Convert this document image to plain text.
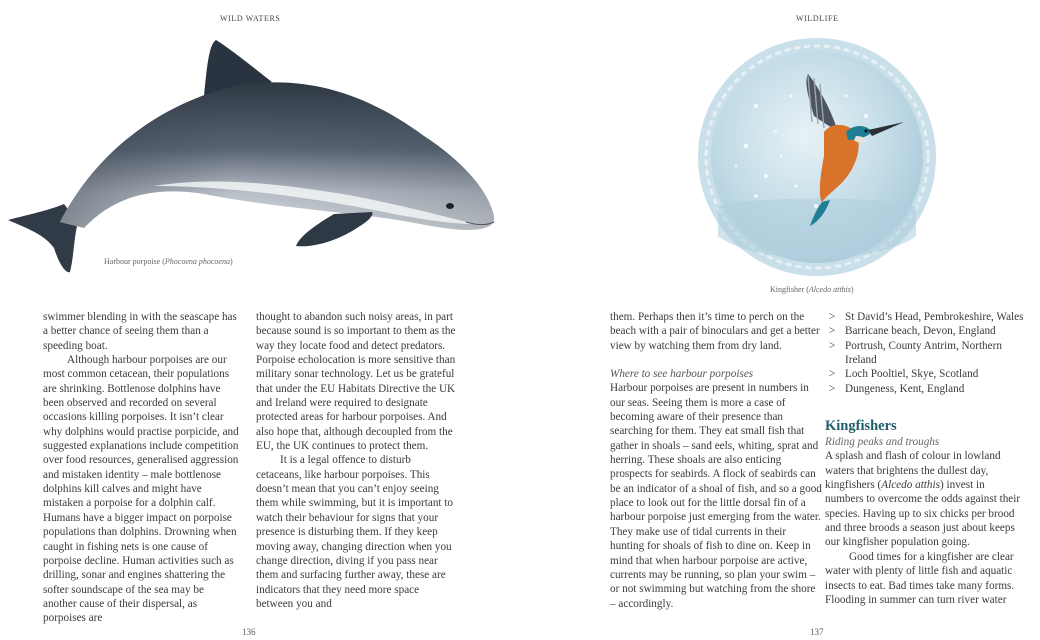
WILD WATERS
Harbour porpoise (Phocoena phocoena)

swimmer blending in with the seascape has a better chance of seeing them than a speeding boat.

Although harbour porpoises are our most common cetacean, their populations are shrinking. Bottlenose dolphins have been observed and recorded on several occasions killing porpoises. It isn’t clear why dolphins would practise porpicide, and suggested explanations include competition over food resources, generalised aggression and mistaken identity – male bottlenose dolphins kill calves and might have mistaken a porpoise for a dolphin calf. Humans have a bigger impact on porpoise populations than dolphins. Drowning when caught in fishing nets is one cause of porpoise decline. Human activities such as drilling, sonar and engines shattering the softer soundscape of the sea may be another cause of their dispersal, as porpoises are

thought to abandon such noisy areas, in part because sound is so important to them as the way they locate food and detect predators. Porpoise echolocation is more sensitive than military sonar technology. Let us be grateful that under the EU Habitats Directive the UK and Ireland were required to designate protected areas for harbour porpoises. And also hope that, although decoupled from the EU, the UK continues to protect them.

It is a legal offence to disturb cetaceans, like harbour porpoises. This doesn’t mean that you can’t enjoy seeing them while swimming, but it is important to watch their behaviour for signs that your presence is disturbing them. If they keep moving away, changing direction when you change direction, diving if you pass near them and surfacing further away, these are indicators that they need more space between you and

136
WILDLIFE
Kingfisher (Alcedo atthis)
137

them. Perhaps then it’s time to perch on the beach with a pair of binoculars and get a better view by watching them from dry land.

Where to see harbour porpoises

Harbour porpoises are present in numbers in our seas. Seeing them is more a case of becoming aware of their presence than searching for them. They eat small fish that gather in shoals – sand eels, whiting, sprat and herring. These shoals are also enticing prospects for seabirds. A flock of seabirds can be an indicator of a shoal of fish, and so a good place to look out for the little dorsal fin of a harbour porpoise just emerging from the water. They make use of tidal currents in their hunting for shoals of fish to dine on. Keep in mind that when harbour porpoise are active, currents may be running, so plan your swim – or not swimming but watching from the shore – accordingly.

> St David’s Head, Pembrokeshire, Wales
> Barricane beach, Devon, England
> Portrush, County Antrim, Northern Ireland
> Loch Pooltiel, Skye, Scotland
> Dungeness, Kent, England
Kingfishers

Riding peaks and troughs

A splash and flash of colour in lowland waters that brightens the dullest day, kingfishers (Alcedo atthis) invest in numbers to overcome the odds against their species. Having up to six chicks per brood and three broods a season just about keeps our kingfisher population going.

Good times for a kingfisher are clear water with plenty of little fish and aquatic insects to eat. Bad times take many forms. Flooding in summer can turn river water
